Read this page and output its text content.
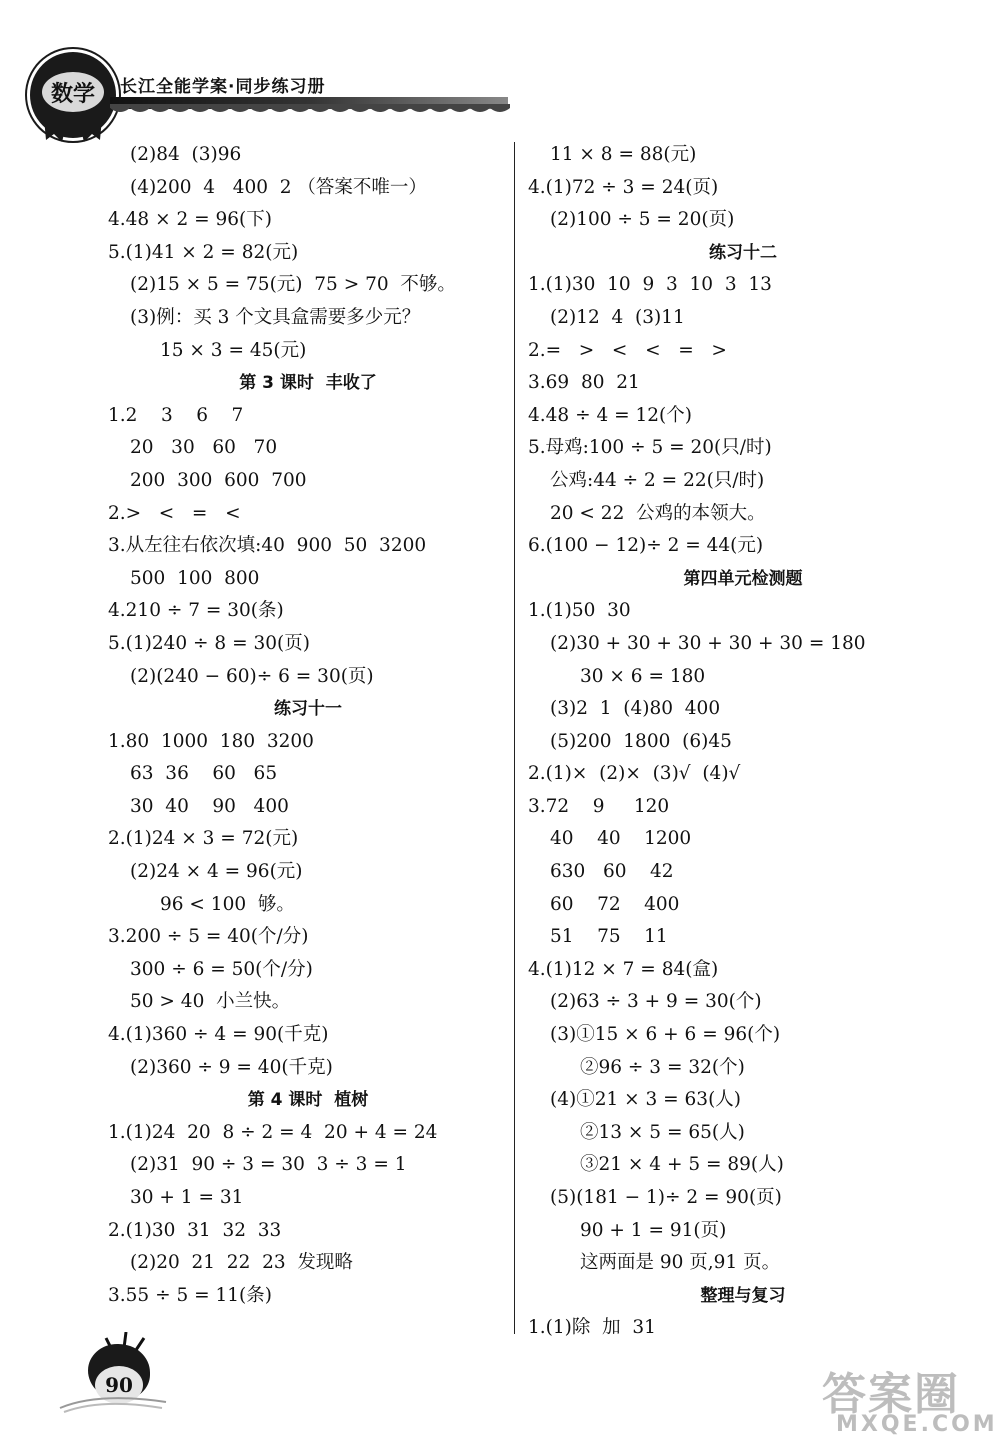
数学	长江全能学案·同步练习册
(2)84  (3)96
(4)200  4   400  2 （答案不唯一）
4.48 × 2 = 96(下)
5.(1)41 × 2 = 82(元)
(2)15 × 5 = 75(元)  75 > 70  不够。
(3)例：买 3 个文具盒需要多少元？
15 × 3 = 45(元)
第 3 课时  丰收了
1.2    3    6    7
20   30   60   70
200  300  600  700
2.>   <   =   <
3.从左往右依次填:40  900  50  3200
500  100  800
4.210 ÷ 7 = 30(条)
5.(1)240 ÷ 8 = 30(页)
(2)(240 − 60)÷ 6 = 30(页)
练习十一
1.80  1000  180  3200
63  36    60   65
30  40    90   400
2.(1)24 × 3 = 72(元)
(2)24 × 4 = 96(元)
96 < 100  够。
3.200 ÷ 5 = 40(个/分)
300 ÷ 6 = 50(个/分)
50 > 40  小兰快。
4.(1)360 ÷ 4 = 90(千克)
(2)360 ÷ 9 = 40(千克)
第 4 课时  植树
1.(1)24  20  8 ÷ 2 = 4  20 + 4 = 24
(2)31  90 ÷ 3 = 30  3 ÷ 3 = 1
30 + 1 = 31
2.(1)30  31  32  33
(2)20  21  22  23  发现略
3.55 ÷ 5 = 11(条)
11 × 8 = 88(元)
4.(1)72 ÷ 3 = 24(页)
(2)100 ÷ 5 = 20(页)
练习十二
1.(1)30  10  9  3  10  3  13
(2)12  4  (3)11
2.=   >   <   <   =   >
3.69  80  21
4.48 ÷ 4 = 12(个)
5.母鸡:100 ÷ 5 = 20(只/时)
公鸡:44 ÷ 2 = 22(只/时)
20 < 22  公鸡的本领大。
6.(100 − 12)÷ 2 = 44(元)
第四单元检测题
1.(1)50  30
(2)30 + 30 + 30 + 30 + 30 = 180
30 × 6 = 180
(3)2  1  (4)80  400
(5)200  1800  (6)45
2.(1)×  (2)×  (3)√  (4)√
3.72    9     120
40    40    1200
630   60    42
60    72    400
51    75    11
4.(1)12 × 7 = 84(盒)
(2)63 ÷ 3 + 9 = 30(个)
(3)①15 × 6 + 6 = 96(个)
②96 ÷ 3 = 32(个)
(4)①21 × 3 = 63(人)
②13 × 5 = 65(人)
③21 × 4 + 5 = 89(人)
(5)(181 − 1)÷ 2 = 90(页)
90 + 1 = 91(页)
这两面是 90 页,91 页。
整理与复习
1.(1)除  加  31
90	答案圈
MXQE.COM
